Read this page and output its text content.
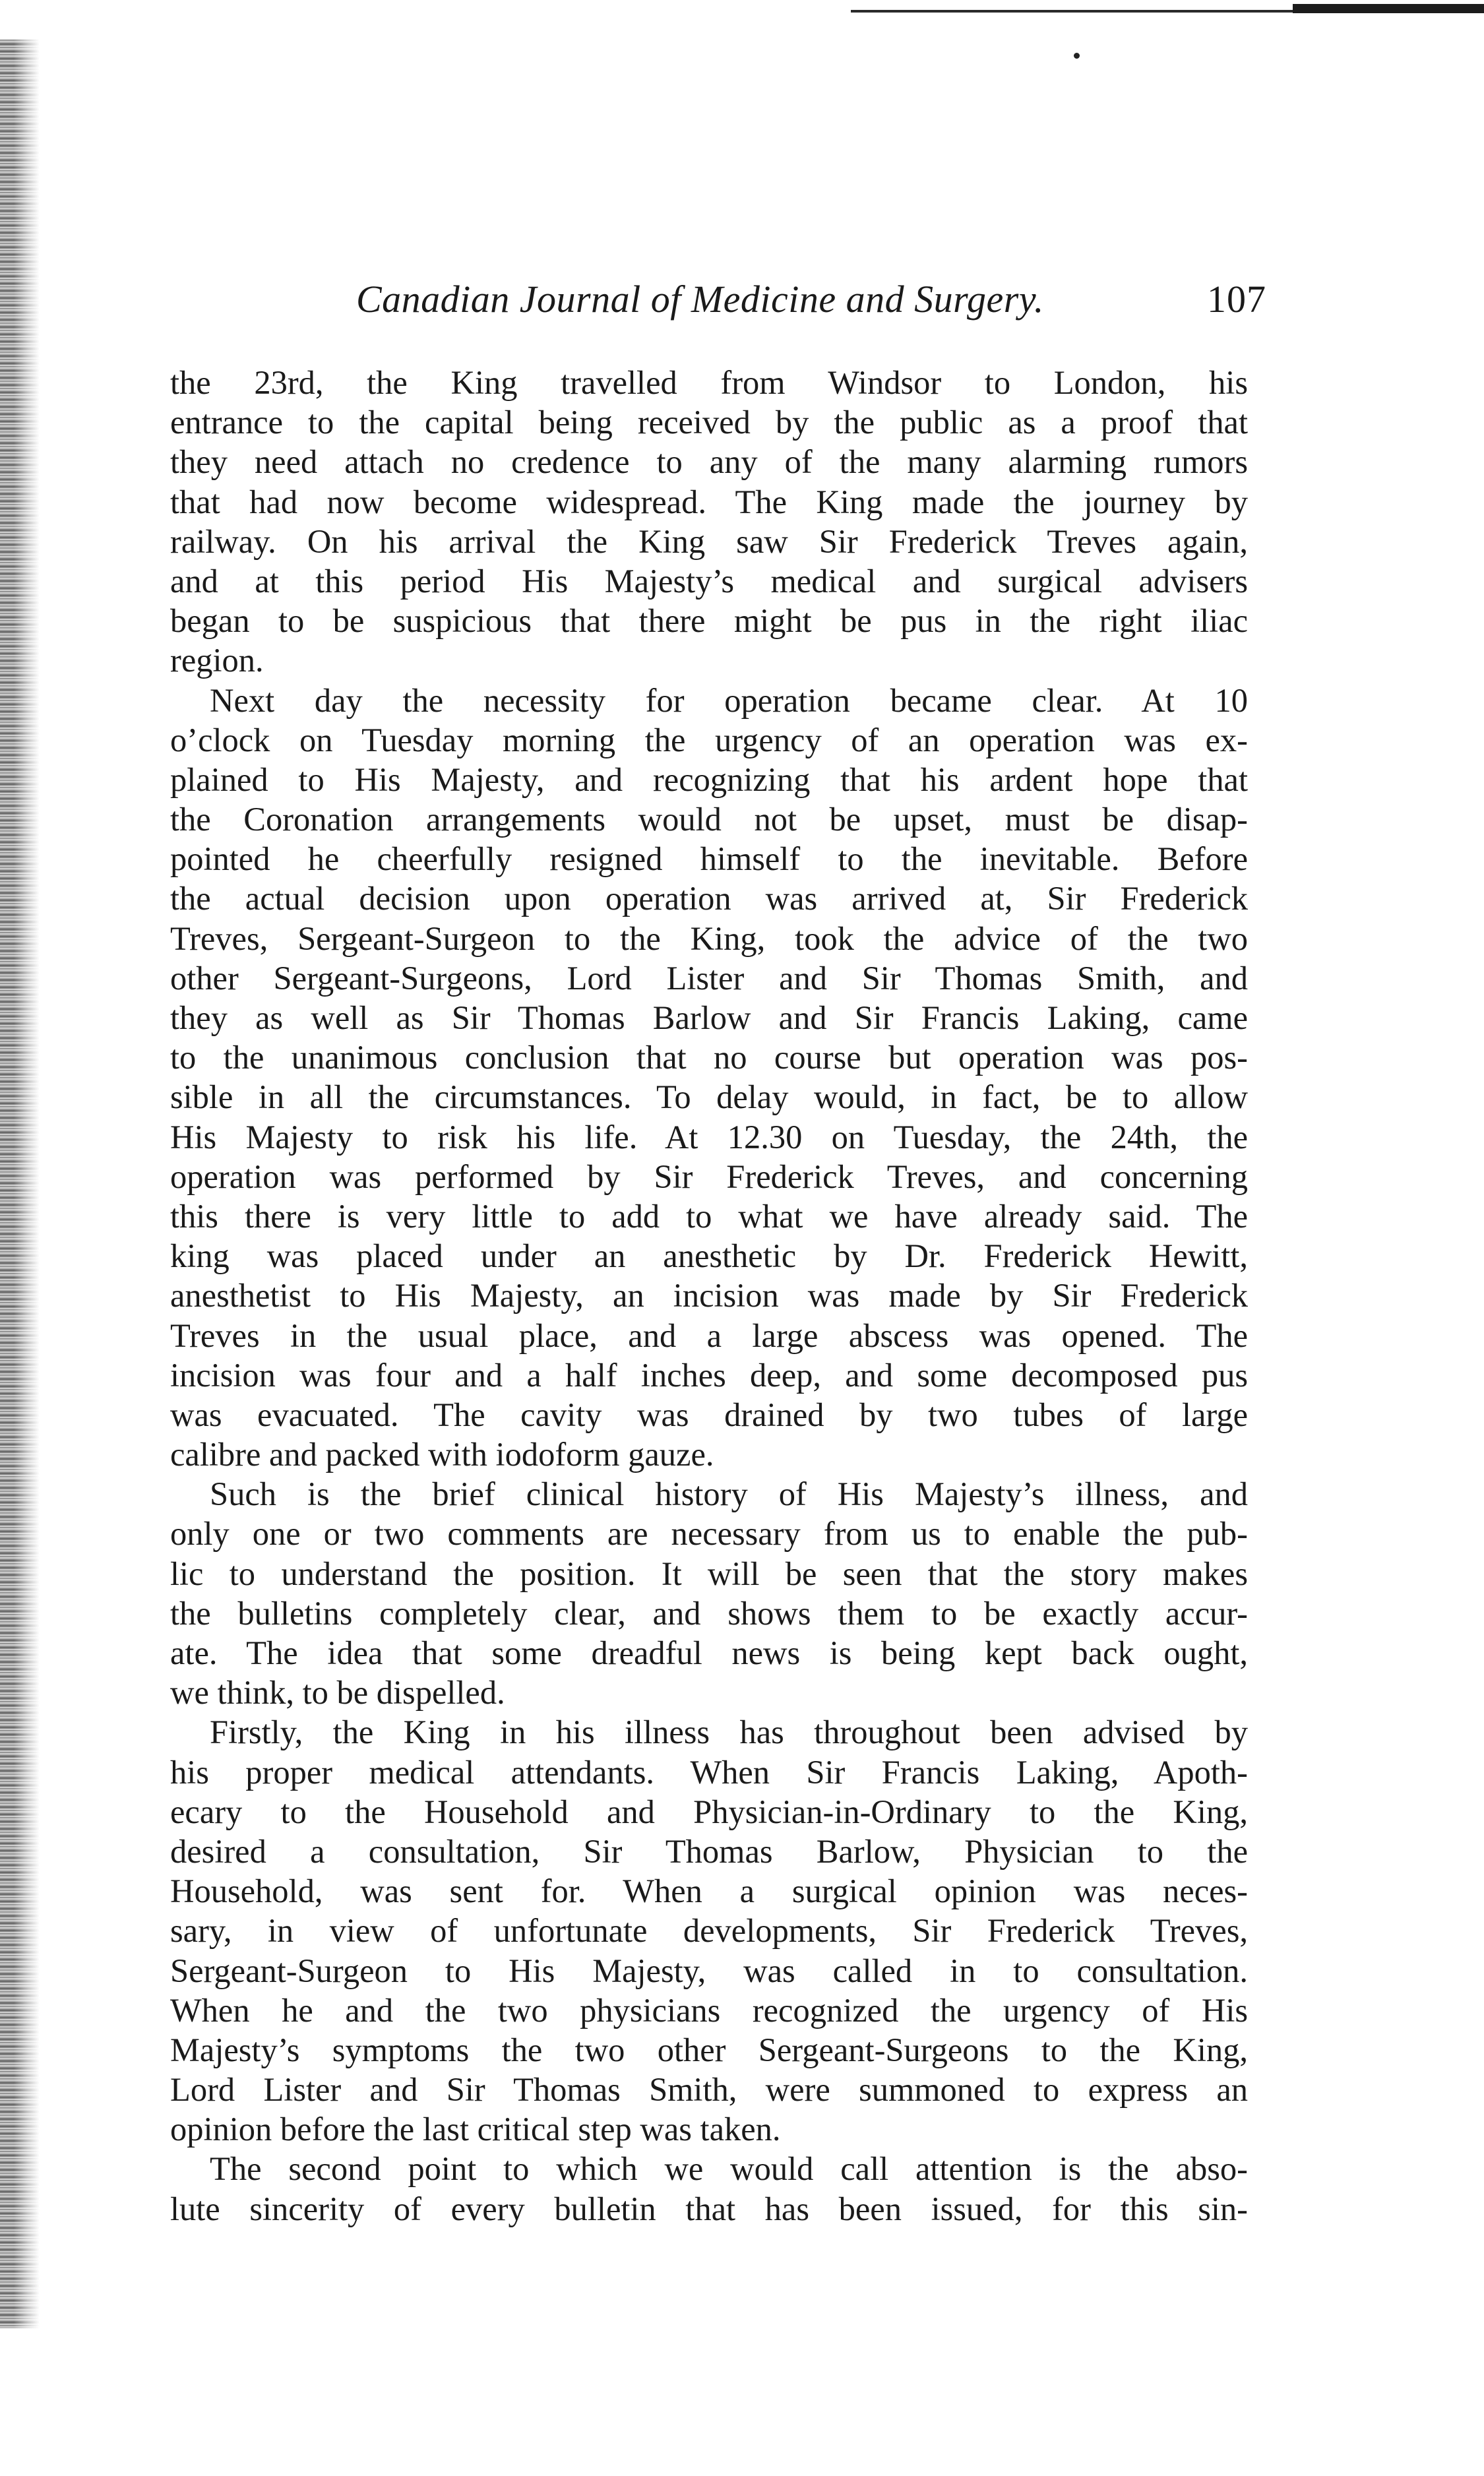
Canadian Journal of Medicine and Surgery.	107
the 23rd, the King travelled from Windsor to London, his
entrance to the capital being received by the public as a proof that
they need attach no credence to any of the many alarming rumors
that had now become widespread. The King made the journey by
railway. On his arrival the King saw Sir Frederick Treves again,
and at this period His Majesty’s medical and surgical advisers
began to be suspicious that there might be pus in the right iliac
region.
Next day the necessity for operation became clear. At 10
o’clock on Tuesday morning the urgency of an operation was ex-
plained to His Majesty, and recognizing that his ardent hope that
the Coronation arrangements would not be upset, must be disap-
pointed he cheerfully resigned himself to the inevitable. Before
the actual decision upon operation was arrived at, Sir Frederick
Treves, Sergeant-Surgeon to the King, took the advice of the two
other Sergeant-Surgeons, Lord Lister and Sir Thomas Smith, and
they as well as Sir Thomas Barlow and Sir Francis Laking, came
to the unanimous conclusion that no course but operation was pos-
sible in all the circumstances. To delay would, in fact, be to allow
His Majesty to risk his life. At 12.30 on Tuesday, the 24th, the
operation was performed by Sir Frederick Treves, and concerning
this there is very little to add to what we have already said. The
king was placed under an anesthetic by Dr. Frederick Hewitt,
anesthetist to His Majesty, an incision was made by Sir Frederick
Treves in the usual place, and a large abscess was opened. The
incision was four and a half inches deep, and some decomposed pus
was evacuated. The cavity was drained by two tubes of large
calibre and packed with iodoform gauze.
Such is the brief clinical history of His Majesty’s illness, and
only one or two comments are necessary from us to enable the pub-
lic to understand the position. It will be seen that the story makes
the bulletins completely clear, and shows them to be exactly accur-
ate. The idea that some dreadful news is being kept back ought,
we think, to be dispelled.
Firstly, the King in his illness has throughout been advised by
his proper medical attendants. When Sir Francis Laking, Apoth-
ecary to the Household and Physician-in-Ordinary to the King,
desired a consultation, Sir Thomas Barlow, Physician to the
Household, was sent for. When a surgical opinion was neces-
sary, in view of unfortunate developments, Sir Frederick Treves,
Sergeant-Surgeon to His Majesty, was called in to consultation.
When he and the two physicians recognized the urgency of His
Majesty’s symptoms the two other Sergeant-Surgeons to the King,
Lord Lister and Sir Thomas Smith, were summoned to express an
opinion before the last critical step was taken.
The second point to which we would call attention is the abso-
lute sincerity of every bulletin that has been issued, for this sin-
